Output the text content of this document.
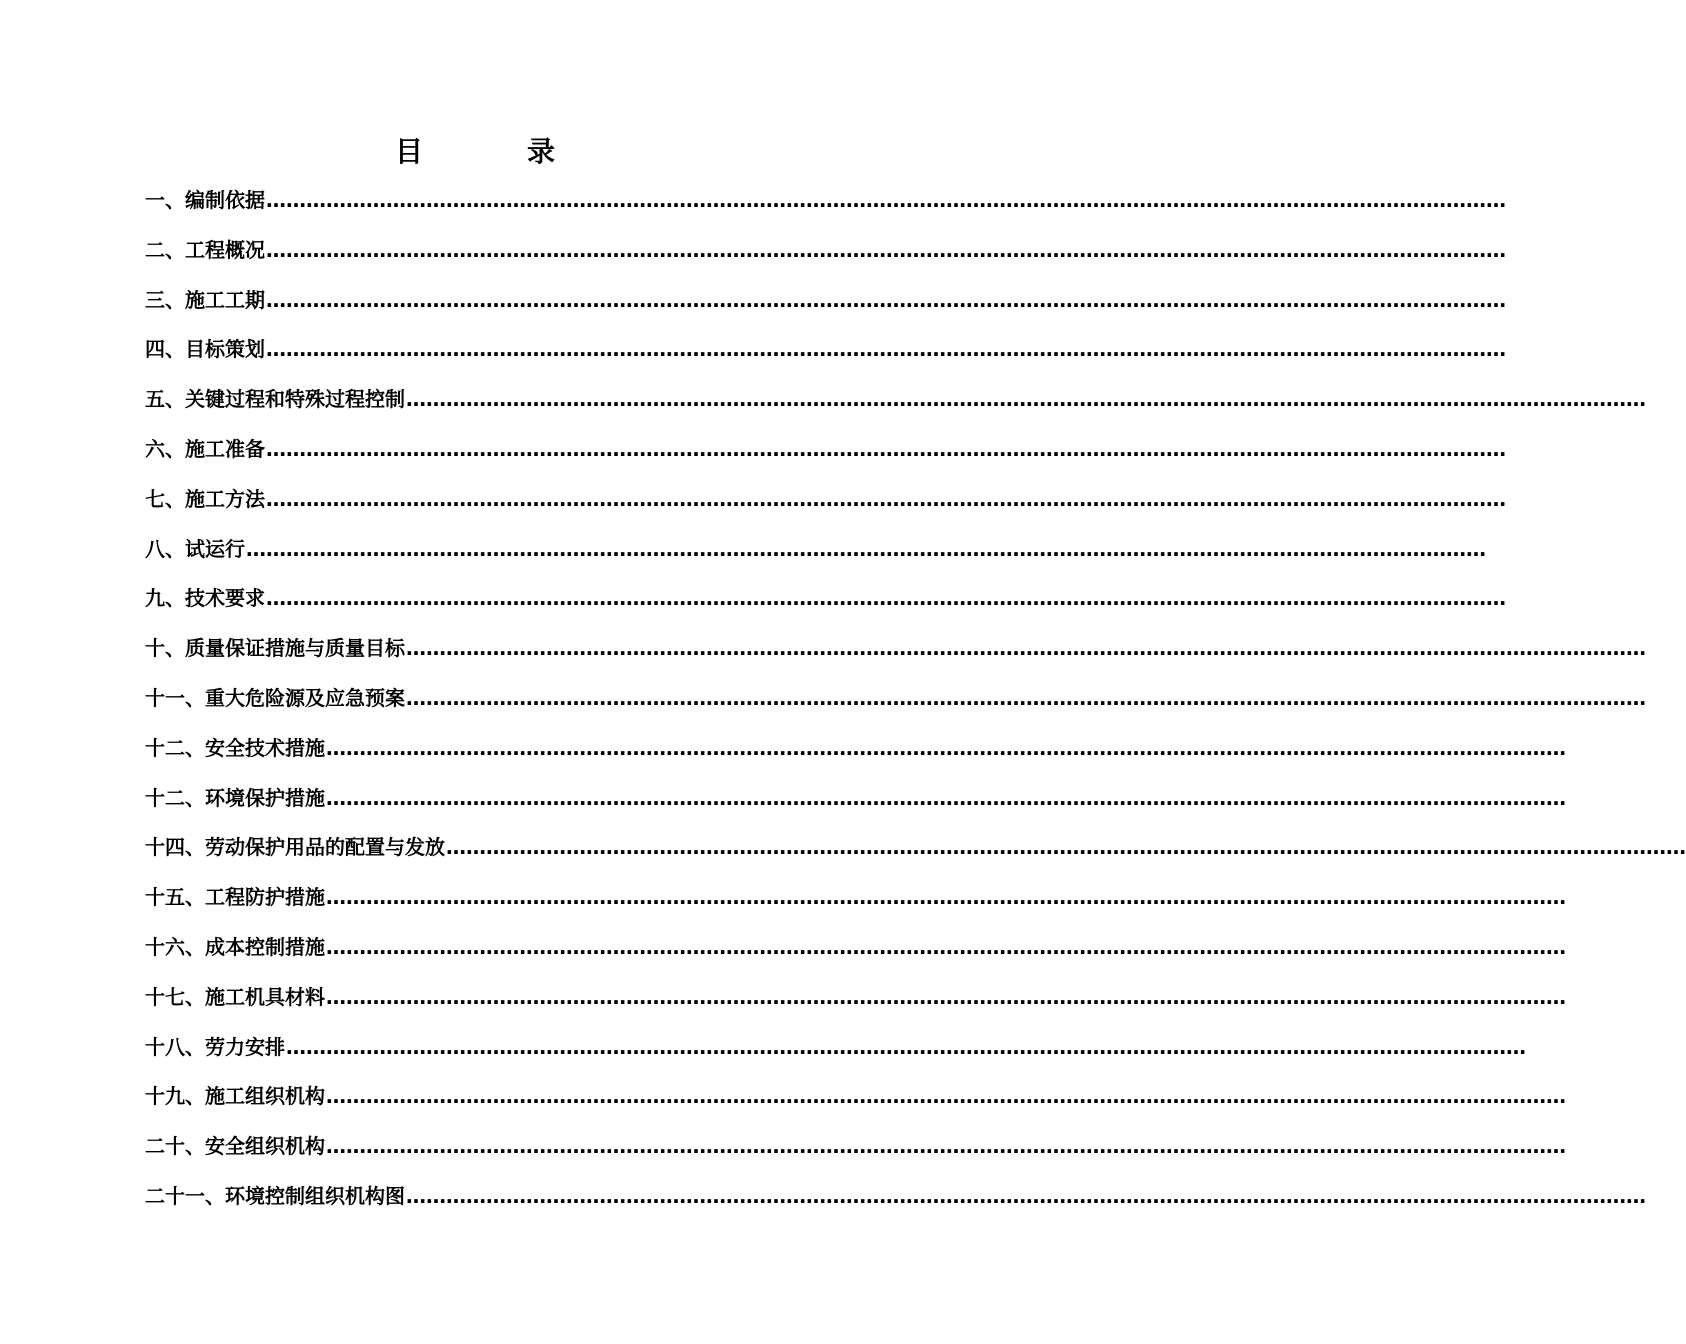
目　录
一、编制依据 ……………………………………………………………………………………………………………………………………………………………………
二、工程概况 ……………………………………………………………………………………………………………………………………………………………………
三、施工工期 ……………………………………………………………………………………………………………………………………………………………………
四、目标策划 ……………………………………………………………………………………………………………………………………………………………………
五、关键过程和特殊过程控制 ……………………………………………………………………………………………………………………………………………………………………
六、施工准备 ……………………………………………………………………………………………………………………………………………………………………
七、施工方法 ……………………………………………………………………………………………………………………………………………………………………
八、试运行 ……………………………………………………………………………………………………………………………………………………………………
九、技术要求 ……………………………………………………………………………………………………………………………………………………………………
十、质量保证措施与质量目标 ……………………………………………………………………………………………………………………………………………………………………
十一、重大危险源及应急预案 ……………………………………………………………………………………………………………………………………………………………………
十二、安全技术措施 ……………………………………………………………………………………………………………………………………………………………………
十二、环境保护措施 ……………………………………………………………………………………………………………………………………………………………………
十四、劳动保护用品的配置与发放 ……………………………………………………………………………………………………………………………………………………………………
十五、工程防护措施 ……………………………………………………………………………………………………………………………………………………………………
十六、成本控制措施 ……………………………………………………………………………………………………………………………………………………………………
十七、施工机具材料 ……………………………………………………………………………………………………………………………………………………………………
十八、劳力安排 ……………………………………………………………………………………………………………………………………………………………………
十九、施工组织机构 ……………………………………………………………………………………………………………………………………………………………………
二十、安全组织机构 ……………………………………………………………………………………………………………………………………………………………………
二十一、环境控制组织机构图 ……………………………………………………………………………………………………………………………………………………………………
